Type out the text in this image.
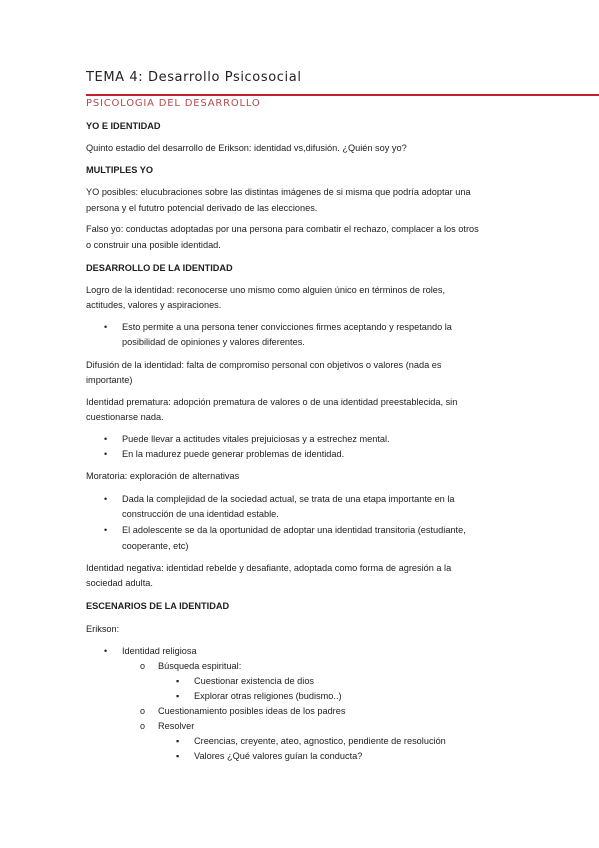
TEMA 4: Desarrollo Psicosocial
PSICOLOGIA DEL DESARROLLO
YO E IDENTIDAD
Quinto estadio del desarrollo de Erikson: identidad vs,difusión. ¿Quién soy yo?
MULTIPLES YO
YO posibles: elucubraciones sobre las distintas imágenes de si misma que podría adoptar una
persona y el fututro potencial derivado de las elecciones.
Falso yo: conductas adoptadas por una persona para combatir el rechazo, complacer a los otros
o construir una posible identidad.
DESARROLLO DE LA IDENTIDAD
Logro de la identidad: reconocerse uno mismo como alguien único en términos de roles,
actitudes, valores y aspiraciones.
• Esto permite a una persona tener convicciones firmes aceptando y respetando la
posibilidad de opiniones y valores diferentes.
Difusión de la identidad: falta de compromiso personal con objetivos o valores (nada es
importante)
Identidad prematura: adopción prematura de valores o de una identidad preestablecida, sin
cuestionarse nada.
• Puede llevar a actitudes vitales prejuiciosas y a estrechez mental.
• En la madurez puede generar problemas de identidad.
Moratoria: exploración de alternativas
• Dada la complejidad de la sociedad actual, se trata de una etapa importante en la
construcción de una identidad estable.
• El adolescente se da la oportunidad de adoptar una identidad transitoria (estudiante,
cooperante, etc)
Identidad negativa: identidad rebelde y desafiante, adoptada como forma de agresión a la
sociedad adulta.
ESCENARIOS DE LA IDENTIDAD
Erikson:
• Identidad religiosa
o Búsqueda espiritual:
▪ Cuestionar existencia de dios
▪ Explorar otras religiones (budismo..)
o Cuestionamiento posibles ideas de los padres
o Resolver
▪ Creencias, creyente, ateo, agnostico, pendiente de resolución
▪ Valores ¿Qué valores guían la conducta?
